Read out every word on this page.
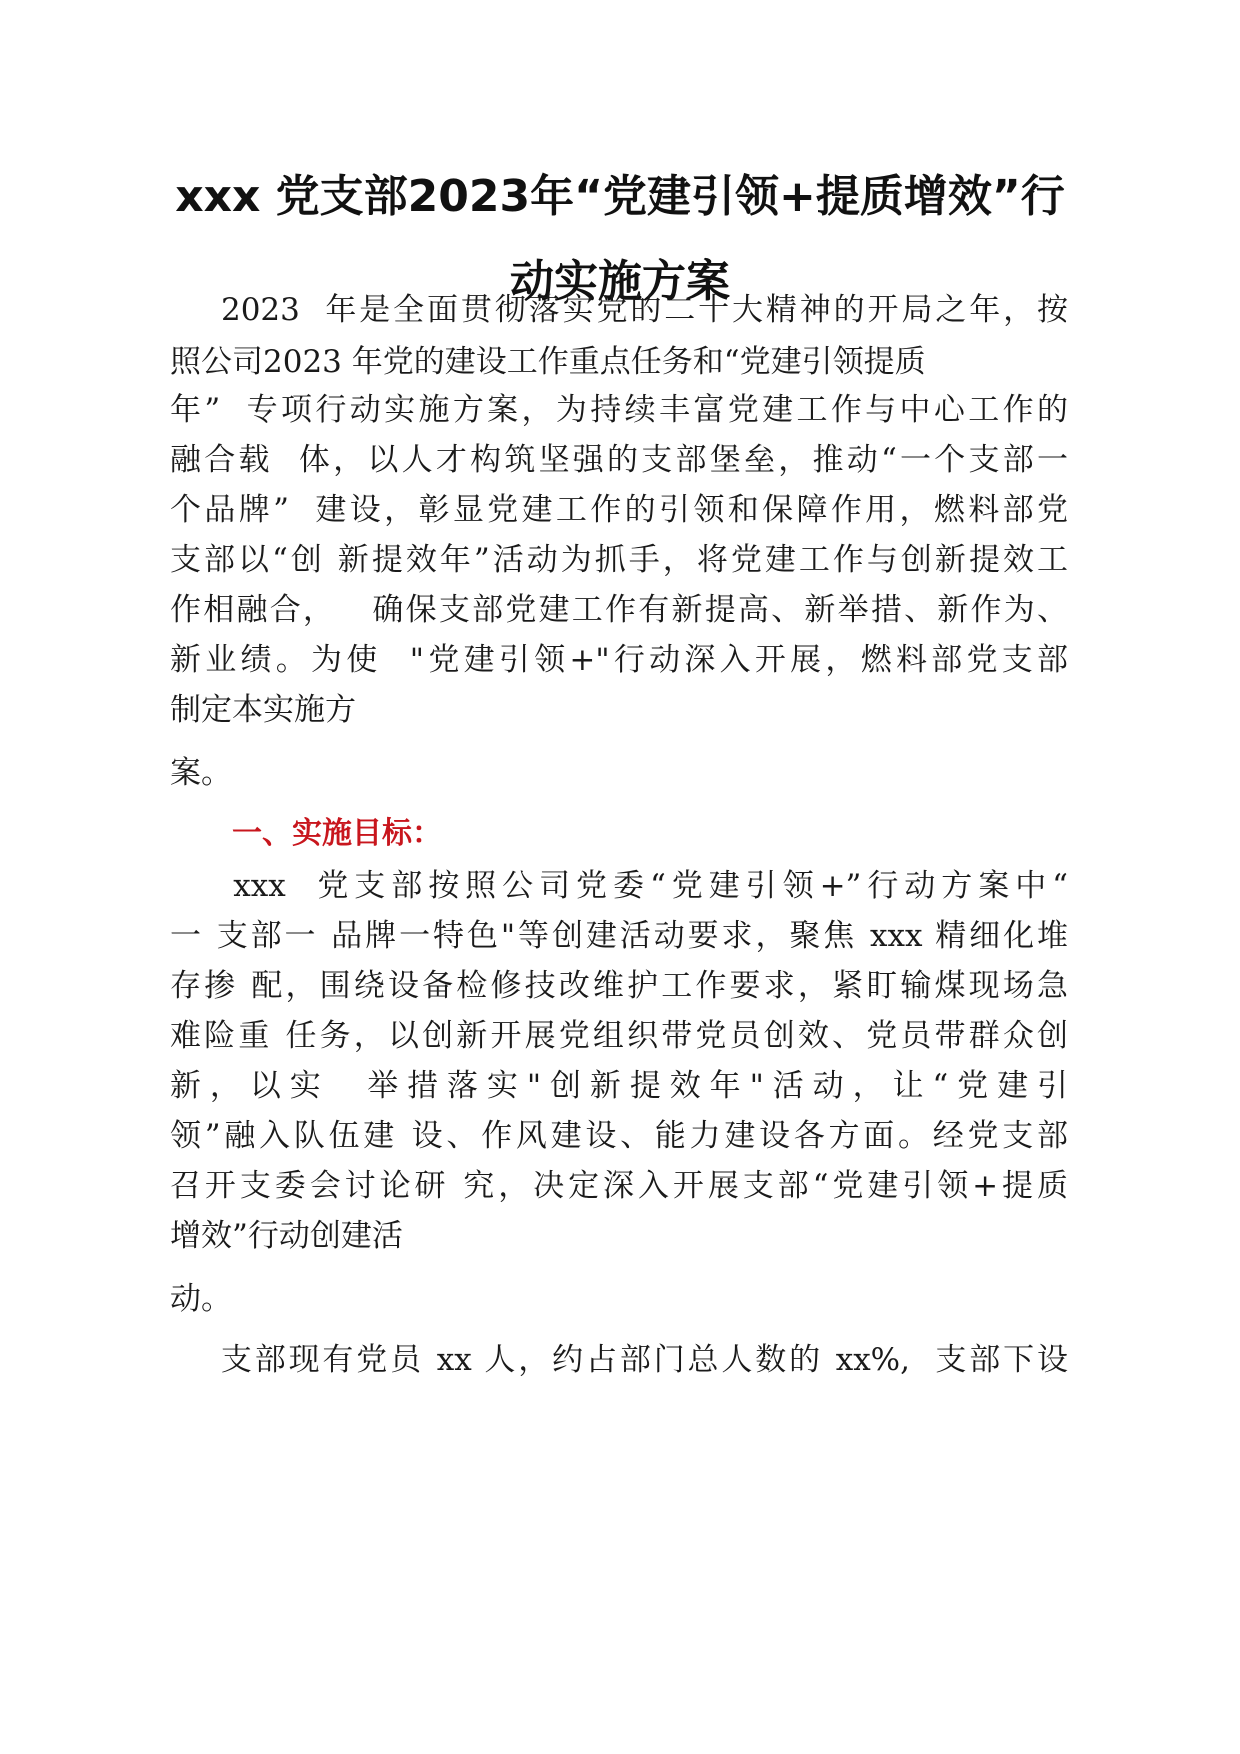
xxx 党支部2023年“党建引领+提质增效”行
动实施方案
2023  年是全面贯彻落实党的二十大精神的开局之年，按
照公司2023 年党的建设工作重点任务和“党建引领提质
年”  专项行动实施方案，为持续丰富党建工作与中心工作的
融合载  体，以人才构筑坚强的支部堡垒，推动“一个支部一
个品牌”  建设，彰显党建工作的引领和保障作用，燃料部党
支部以“创 新提效年”活动为抓手，将党建工作与创新提效工
作相融合，   确保支部党建工作有新提高、新举措、新作为、
新业绩。为使  "党建引领+"行动深入开展，燃料部党支部
制定本实施方
案。
一、实施目标：
xxx  党支部按照公司党委“党建引领+”行动方案中“
一 支部一 品牌一特色"等创建活动要求，聚焦 xxx 精细化堆
存掺 配，围绕设备检修技改维护工作要求，紧盯输煤现场急
难险重 任务，以创新开展党组织带党员创效、党员带群众创
新，以实  举措落实"创新提效年"活动，让“党建引
领”融入队伍建 设、作风建设、能力建设各方面。经党支部
召开支委会讨论研 究，决定深入开展支部“党建引领+提质
增效”行动创建活
动。
支部现有党员 xx 人，约占部门总人数的 xx%,  支部下设
